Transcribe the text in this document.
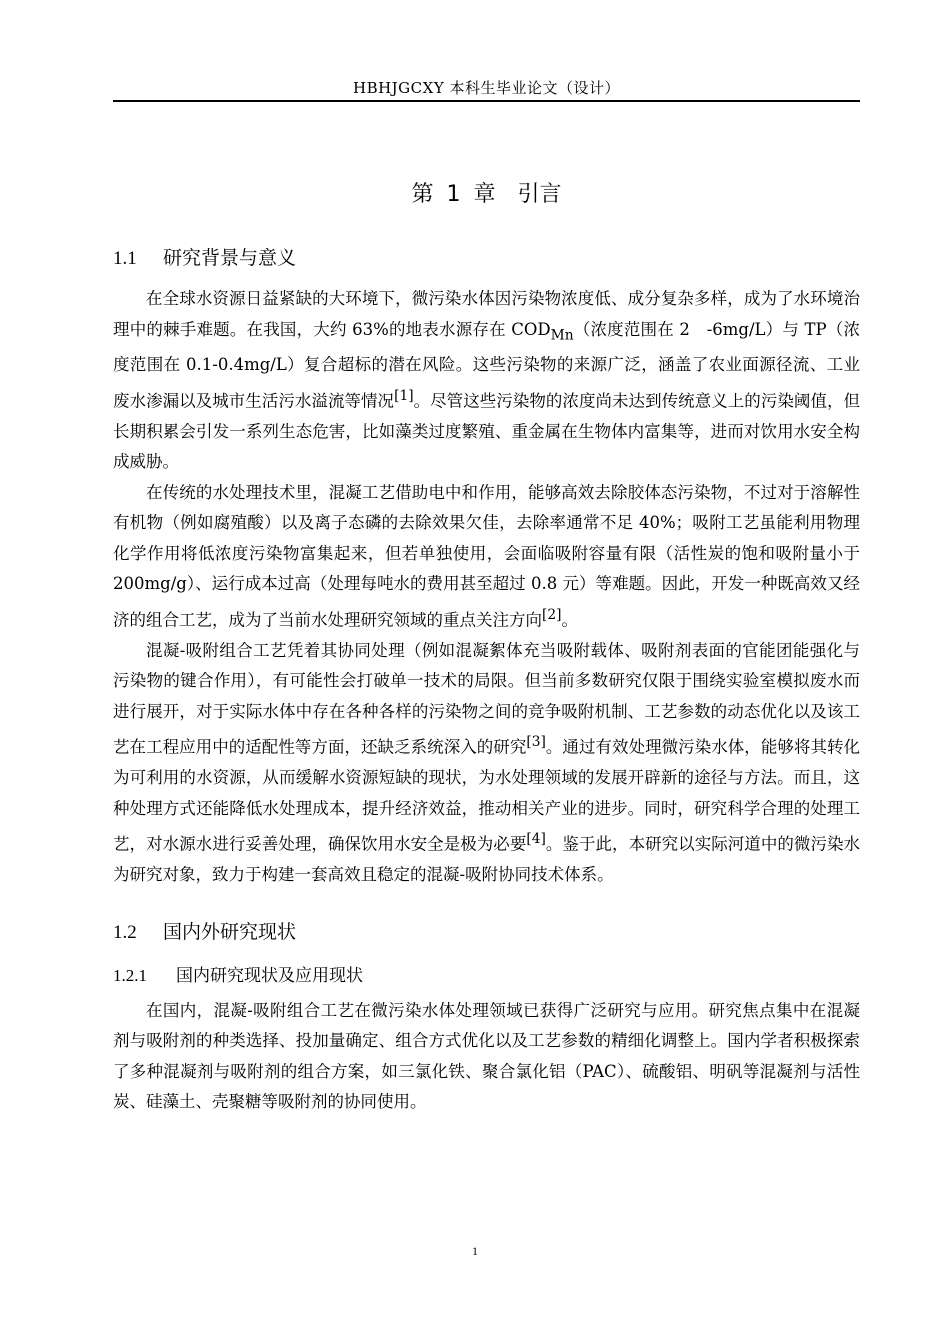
HBHJGCXY 本科生毕业论文（设计）
第 1 章　引言
1.1 研究背景与意义

在全球水资源日益紧缺的大环境下，微污染水体因污染物浓度低、成分复杂多样，成为了水环境治理中的棘手难题。在我国，大约 63%的地表水源存在 $COD_{Mn}$（浓度范围在 2　-6mg/L）与 TP（浓度范围在 0.1-0.4mg/L）复合超标的潜在风险。这些污染物的来源广泛，涵盖了农业面源径流、工业废水渗漏以及城市生活污水溢流等情况[1]。尽管这些污染物的浓度尚未达到传统意义上的污染阈值，但长期积累会引发一系列生态危害，比如藻类过度繁殖、重金属在生物体内富集等，进而对饮用水安全构成威胁。

在传统的水处理技术里，混凝工艺借助电中和作用，能够高效去除胶体态污染物，不过对于溶解性有机物（例如腐殖酸）以及离子态磷的去除效果欠佳，去除率通常不足 40%；吸附工艺虽能利用物理化学作用将低浓度污染物富集起来，但若单独使用，会面临吸附容量有限（活性炭的饱和吸附量小于 200mg/g）、运行成本过高（处理每吨水的费用甚至超过 0.8 元）等难题。因此，开发一种既高效又经济的组合工艺，成为了当前水处理研究领域的重点关注方向[2]。

混凝-吸附组合工艺凭着其协同处理（例如混凝絮体充当吸附载体、吸附剂表面的官能团能强化与污染物的键合作用），有可能性会打破单一技术的局限。但当前多数研究仅限于围绕实验室模拟废水而进行展开，对于实际水体中存在各种各样的污染物之间的竞争吸附机制、工艺参数的动态优化以及该工艺在工程应用中的适配性等方面，还缺乏系统深入的研究[3]。通过有效处理微污染水体，能够将其转化为可利用的水资源，从而缓解水资源短缺的现状，为水处理领域的发展开辟新的途径与方法。而且，这种处理方式还能降低水处理成本，提升经济效益，推动相关产业的进步。同时，研究科学合理的处理工艺，对水源水进行妥善处理，确保饮用水安全是极为必要[4]。鉴于此，本研究以实际河道中的微污染水为研究对象，致力于构建一套高效且稳定的混凝-吸附协同技术体系。

1.2 国内外研究现状
1.2.1 国内研究现状及应用现状

在国内，混凝-吸附组合工艺在微污染水体处理领域已获得广泛研究与应用。研究焦点集中在混凝剂与吸附剂的种类选择、投加量确定、组合方式优化以及工艺参数的精细化调整上。国内学者积极探索了多种混凝剂与吸附剂的组合方案，如三氯化铁、聚合氯化铝（PAC）、硫酸铝、明矾等混凝剂与活性炭、硅藻土、壳聚糖等吸附剂的协同使用。

1
